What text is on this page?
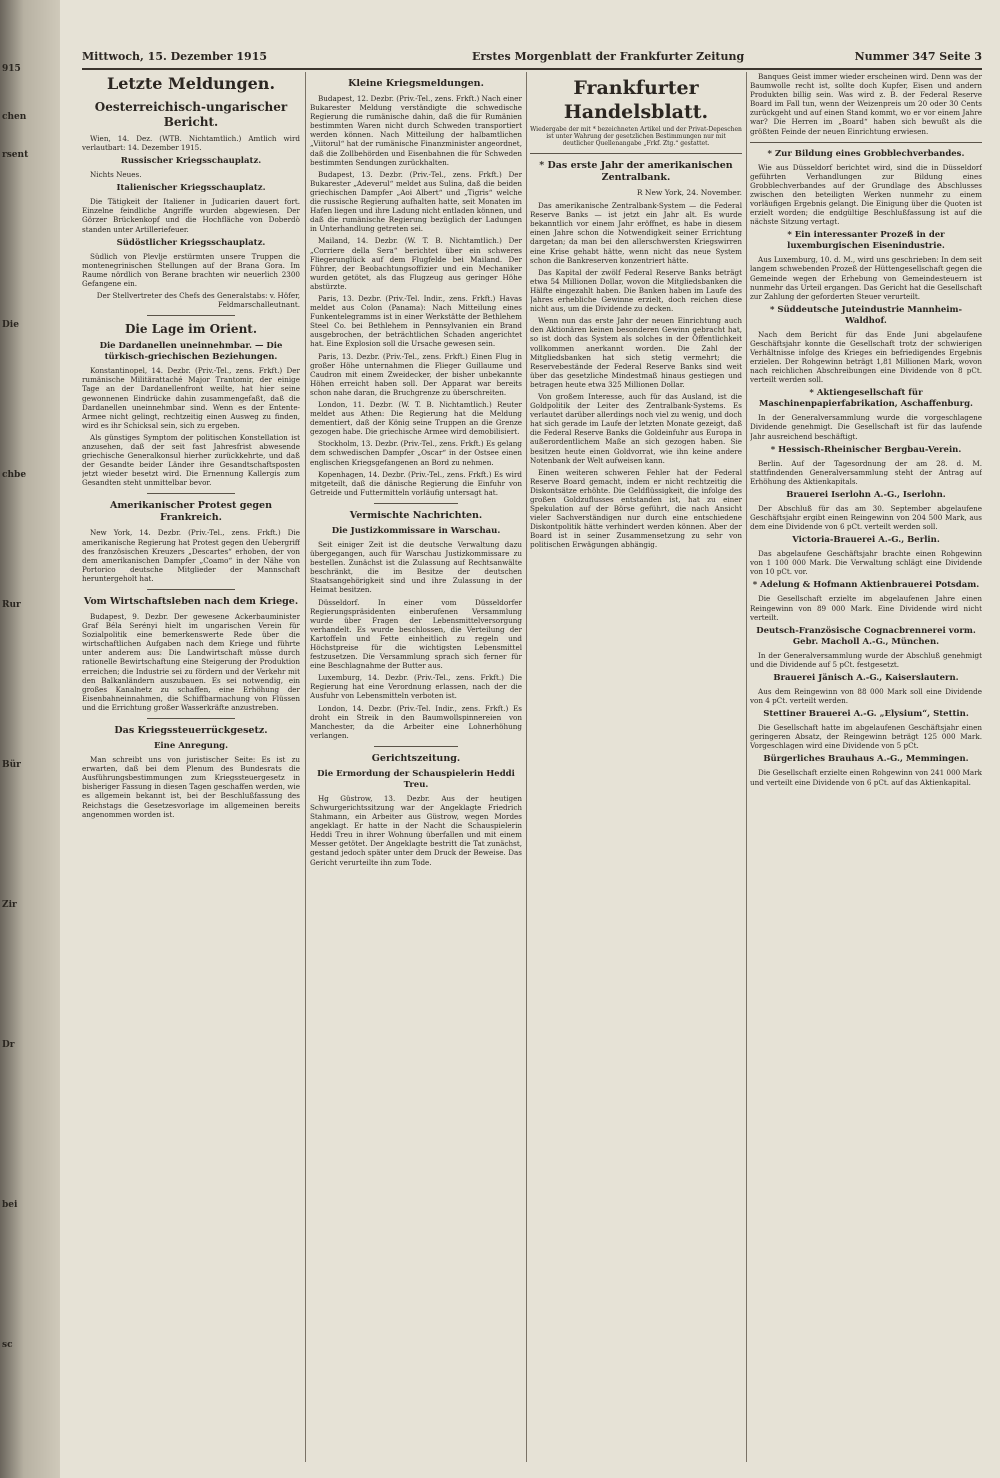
915
chen
rsent
Die
chbe
Rur
Bür
Zir
Dr
bei
sc
Mittwoch, 15. Dezember 1915	Erstes Morgenblatt der Frankfurter Zeitung	Nummer 347 Seite 3
Letzte Meldungen.
Oesterreichisch-ungarischer Bericht.

Wien, 14. Dez. (WTB. Nichtamtlich.) Amtlich wird verlautbart: 14. Dezember 1915.

Russischer Kriegsschauplatz.

Nichts Neues.

Italienischer Kriegsschauplatz.

Die Tätigkeit der Italiener in Judicarien dauert fort. Einzelne feindliche Angriffe wurden abgewiesen. Der Görzer Brückenkopf und die Hochfläche von Doberdò standen unter Artilleriefeuer.

Südöstlicher Kriegsschauplatz.

Südlich von Plevlje erstürmten unsere Truppen die montenegrinischen Stellungen auf der Brana Gora. Im Raume nördlich von Berane brachten wir neuerlich 2300 Gefangene ein.

Der Stellvertreter des Chefs des Generalstabs: v. Höfer, Feldmarschalleutnant.

Die Lage im Orient.
Die Dardanellen uneinnehmbar. — Die türkisch-griechischen Beziehungen.

Konstantinopel, 14. Dezbr. (Priv.-Tel., zens. Frkft.) Der rumänische Militärattaché Major Trantomir, der einige Tage an der Dardanellenfront weilte, hat hier seine gewonnenen Eindrücke dahin zusammengefaßt, daß die Dardanellen uneinnehmbar sind. Wenn es der Entente-Armee nicht gelingt, rechtzeitig einen Ausweg zu finden, wird es ihr Schicksal sein, sich zu ergeben.

Als günstiges Symptom der politischen Konstellation ist anzusehen, daß der seit fast Jahresfrist abwesende griechische Generalkonsul hierher zurückkehrte, und daß der Gesandte beider Länder ihre Gesandtschaftsposten jetzt wieder besetzt wird. Die Ernennung Kallergis zum Gesandten steht unmittelbar bevor.

Amerikanischer Protest gegen Frankreich.

New York, 14. Dezbr. (Priv.-Tel., zens. Frkft.) Die amerikanische Regierung hat Protest gegen den Uebergriff des französischen Kreuzers „Descartes“ erhoben, der von dem amerikanischen Dampfer „Coamo“ in der Nähe von Portorico deutsche Mitglieder der Mannschaft heruntergeholt hat.

Vom Wirtschaftsleben nach dem Kriege.

Budapest, 9. Dezbr. Der gewesene Ackerbauminister Graf Béla Serényi hielt im ungarischen Verein für Sozialpolitik eine bemerkenswerte Rede über die wirtschaftlichen Aufgaben nach dem Kriege und führte unter anderem aus: Die Landwirtschaft müsse durch rationelle Bewirtschaftung eine Steigerung der Produktion erreichen; die Industrie sei zu fördern und der Verkehr mit den Balkanländern auszubauen. Es sei notwendig, ein großes Kanalnetz zu schaffen, eine Erhöhung der Eisenbahneinnahmen, die Schiffbarmachung von Flüssen und die Errichtung großer Wasserkräfte anzustreben.

Das Kriegssteuerrückgesetz.
Eine Anregung.

Man schreibt uns von juristischer Seite: Es ist zu erwarten, daß bei dem Plenum des Bundesrats die Ausführungsbestimmungen zum Kriegssteuergesetz in bisheriger Fassung in diesen Tagen geschaffen werden, wie es allgemein bekannt ist, bei der Beschlußfassung des Reichstags die Gesetzesvorlage im allgemeinen bereits angenommen worden ist.

Kleine Kriegsmeldungen.

Budapest, 12. Dezbr. (Priv.-Tel., zens. Frkft.) Nach einer Bukarester Meldung verständigte die schwedische Regierung die rumänische dahin, daß die für Rumänien bestimmten Waren nicht durch Schweden transportiert werden können. Nach Mitteilung der halbamtlichen „Viitorul“ hat der rumänische Finanzminister angeordnet, daß die Zollbehörden und Eisenbahnen die für Schweden bestimmten Sendungen zurückhalten.

Budapest, 13. Dezbr. (Priv.-Tel., zens. Frkft.) Der Bukarester „Adeverul“ meldet aus Sulina, daß die beiden griechischen Dampfer „Aoi Albert“ und „Tigris“ welche die russische Regierung aufhalten hatte, seit Monaten im Hafen liegen und ihre Ladung nicht entladen können, und daß die rumänische Regierung bezüglich der Ladungen in Unterhandlung getreten sei.

Mailand, 14. Dezbr. (W. T. B. Nichtamtlich.) Der „Corriere della Sera“ berichtet über ein schweres Fliegerunglück auf dem Flugfelde bei Mailand. Der Führer, der Beobachtungsoffizier und ein Mechaniker wurden getötet, als das Flugzeug aus geringer Höhe abstürzte.

Paris, 13. Dezbr. (Priv.-Tel. Indir., zens. Frkft.) Havas meldet aus Colon (Panama): Nach Mitteilung eines Funkentelegramms ist in einer Werkstätte der Bethlehem Steel Co. bei Bethlehem in Pennsylvanien ein Brand ausgebrochen, der beträchtlichen Schaden angerichtet hat. Eine Explosion soll die Ursache gewesen sein.

Paris, 13. Dezbr. (Priv.-Tel., zens. Frkft.) Einen Flug in großer Höhe unternahmen die Flieger Guillaume und Caudron mit einem Zweidecker, der bisher unbekannte Höhen erreicht haben soll. Der Apparat war bereits schon nahe daran, die Bruchgrenze zu überschreiten.

London, 11. Dezbr. (W. T. B. Nichtamtlich.) Reuter meldet aus Athen: Die Regierung hat die Meldung dementiert, daß der König seine Truppen an die Grenze gezogen habe. Die griechische Armee wird demobilisiert.

Stockholm, 13. Dezbr. (Priv.-Tel., zens. Frkft.) Es gelang dem schwedischen Dampfer „Oscar“ in der Ostsee einen englischen Kriegsgefangenen an Bord zu nehmen.

Kopenhagen, 14. Dezbr. (Priv.-Tel., zens. Frkft.) Es wird mitgeteilt, daß die dänische Regierung die Einfuhr von Getreide und Futtermitteln vorläufig untersagt hat.

Vermischte Nachrichten.
Die Justizkommissare in Warschau.

Seit einiger Zeit ist die deutsche Verwaltung dazu übergegangen, auch für Warschau Justizkommissare zu bestellen. Zunächst ist die Zulassung auf Rechtsanwälte beschränkt, die im Besitze der deutschen Staatsangehörigkeit sind und ihre Zulassung in der Heimat besitzen.

Düsseldorf. In einer vom Düsseldorfer Regierungspräsidenten einberufenen Versammlung wurde über Fragen der Lebensmittelversorgung verhandelt. Es wurde beschlossen, die Verteilung der Kartoffeln und Fette einheitlich zu regeln und Höchstpreise für die wichtigsten Lebensmittel festzusetzen. Die Versammlung sprach sich ferner für eine Beschlagnahme der Butter aus.

Luxemburg, 14. Dezbr. (Priv.-Tel., zens. Frkft.) Die Regierung hat eine Verordnung erlassen, nach der die Ausfuhr von Lebensmitteln verboten ist.

London, 14. Dezbr. (Priv.-Tel. Indir., zens. Frkft.) Es droht ein Streik in den Baumwollspinnereien von Manchester, da die Arbeiter eine Lohnerhöhung verlangen.

Gerichtszeitung.
Die Ermordung der Schauspielerin Heddi Treu.

Hg Güstrow, 13. Dezbr. Aus der heutigen Schwurgerichtssitzung war der Angeklagte Friedrich Stahmann, ein Arbeiter aus Güstrow, wegen Mordes angeklagt. Er hatte in der Nacht die Schauspielerin Heddi Treu in ihrer Wohnung überfallen und mit einem Messer getötet. Der Angeklagte bestritt die Tat zunächst, gestand jedoch später unter dem Druck der Beweise. Das Gericht verurteilte ihn zum Tode.

Frankfurter Handelsblatt.
Wiedergabe der mit * bezeichneten Artikel und der Privat-Depeschen ist unter Wahrung der gesetzlichen Bestimmungen nur mit deutlicher Quellenangabe „Frkf. Ztg.“ gestattet.
* Das erste Jahr der amerikanischen Zentralbank.
R New York, 24. November.

Das amerikanische Zentralbank-System — die Federal Reserve Banks — ist jetzt ein Jahr alt. Es wurde bekanntlich vor einem Jahr eröffnet, es habe in diesem einen Jahre schon die Notwendigkeit seiner Errichtung dargetan; da man bei den allerschwersten Kriegswirren eine Krise gehabt hätte, wenn nicht das neue System schon die Bankreserven konzentriert hätte.

Das Kapital der zwölf Federal Reserve Banks beträgt etwa 54 Millionen Dollar, wovon die Mitgliedsbanken die Hälfte eingezahlt haben. Die Banken haben im Laufe des Jahres erhebliche Gewinne erzielt, doch reichen diese nicht aus, um die Dividende zu decken.

Wenn nun das erste Jahr der neuen Einrichtung auch den Aktionären keinen besonderen Gewinn gebracht hat, so ist doch das System als solches in der Öffentlichkeit vollkommen anerkannt worden. Die Zahl der Mitgliedsbanken hat sich stetig vermehrt; die Reservebestände der Federal Reserve Banks sind weit über das gesetzliche Mindestmaß hinaus gestiegen und betragen heute etwa 325 Millionen Dollar.

Von großem Interesse, auch für das Ausland, ist die Goldpolitik der Leiter des Zentralbank-Systems. Es verlautet darüber allerdings noch viel zu wenig, und doch hat sich gerade im Laufe der letzten Monate gezeigt, daß die Federal Reserve Banks die Goldeinfuhr aus Europa in außerordentlichem Maße an sich gezogen haben. Sie besitzen heute einen Goldvorrat, wie ihn keine andere Notenbank der Welt aufweisen kann.

Einen weiteren schweren Fehler hat der Federal Reserve Board gemacht, indem er nicht rechtzeitig die Diskontsätze erhöhte. Die Geldflüssigkeit, die infolge des großen Goldzuflusses entstanden ist, hat zu einer Spekulation auf der Börse geführt, die nach Ansicht vieler Sachverständigen nur durch eine entschiedene Diskontpolitik hätte verhindert werden können. Aber der Board ist in seiner Zusammensetzung zu sehr von politischen Erwägungen abhängig.

Banques Geist immer wieder erscheinen wird. Denn was der Baumwolle recht ist, sollte doch Kupfer, Eisen und andern Produkten billig sein. Was wird z. B. der Federal Reserve Board im Fall tun, wenn der Weizenpreis um 20 oder 30 Cents zurückgeht und auf einen Stand kommt, wo er vor einem Jahre war? Die Herren im „Board“ haben sich bewußt als die größten Feinde der neuen Einrichtung erwiesen.

* Zur Bildung eines Grobblechverbandes.

Wie aus Düsseldorf berichtet wird, sind die in Düsseldorf geführten Verhandlungen zur Bildung eines Grobblechverbandes auf der Grundlage des Abschlusses zwischen den beteiligten Werken nunmehr zu einem vorläufigen Ergebnis gelangt. Die Einigung über die Quoten ist erzielt worden; die endgültige Beschlußfassung ist auf die nächste Sitzung vertagt.

* Ein interessanter Prozeß in der luxemburgischen Eisenindustrie.

Aus Luxemburg, 10. d. M., wird uns geschrieben: In dem seit langem schwebenden Prozeß der Hüttengesellschaft gegen die Gemeinde wegen der Erhebung von Gemeindesteuern ist nunmehr das Urteil ergangen. Das Gericht hat die Gesellschaft zur Zahlung der geforderten Steuer verurteilt.

* Süddeutsche Juteindustrie Mannheim-Waldhof.

Nach dem Bericht für das Ende Juni abgelaufene Geschäftsjahr konnte die Gesellschaft trotz der schwierigen Verhältnisse infolge des Krieges ein befriedigendes Ergebnis erzielen. Der Rohgewinn beträgt 1,81 Millionen Mark, wovon nach reichlichen Abschreibungen eine Dividende von 8 pCt. verteilt werden soll.

* Aktiengesellschaft für Maschinenpapierfabrikation, Aschaffenburg.

In der Generalversammlung wurde die vorgeschlagene Dividende genehmigt. Die Gesellschaft ist für das laufende Jahr ausreichend beschäftigt.

* Hessisch-Rheinischer Bergbau-Verein.

Berlin. Auf der Tagesordnung der am 28. d. M. stattfindenden Generalversammlung steht der Antrag auf Erhöhung des Aktienkapitals.

Brauerei Iserlohn A.-G., Iserlohn.

Der Abschluß für das am 30. September abgelaufene Geschäftsjahr ergibt einen Reingewinn von 204 500 Mark, aus dem eine Dividende von 6 pCt. verteilt werden soll.

Victoria-Brauerei A.-G., Berlin.

Das abgelaufene Geschäftsjahr brachte einen Rohgewinn von 1 100 000 Mark. Die Verwaltung schlägt eine Dividende von 10 pCt. vor.

* Adelung & Hofmann Aktienbrauerei Potsdam.

Die Gesellschaft erzielte im abgelaufenen Jahre einen Reingewinn von 89 000 Mark. Eine Dividende wird nicht verteilt.

Deutsch-Französische Cognacbrennerei vorm. Gebr. Macholl A.-G., München.

In der Generalversammlung wurde der Abschluß genehmigt und die Dividende auf 5 pCt. festgesetzt.

Brauerei Jänisch A.-G., Kaiserslautern.

Aus dem Reingewinn von 88 000 Mark soll eine Dividende von 4 pCt. verteilt werden.

Stettiner Brauerei A.-G. „Elysium“, Stettin.

Die Gesellschaft hatte im abgelaufenen Geschäftsjahr einen geringeren Absatz, der Reingewinn beträgt 125 000 Mark. Vorgeschlagen wird eine Dividende von 5 pCt.

Bürgerliches Brauhaus A.-G., Memmingen.

Die Gesellschaft erzielte einen Rohgewinn von 241 000 Mark und verteilt eine Dividende von 6 pCt. auf das Aktienkapital.
